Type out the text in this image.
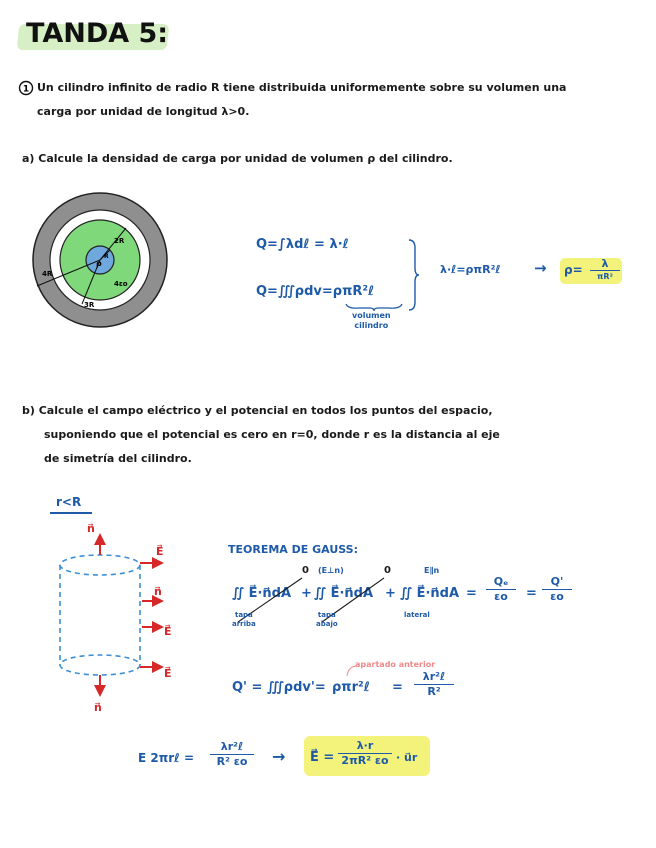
TANDA 5:
1 Un cilindro infinito de radio R tiene distribuida uniformemente sobre su volumen una
carga por unidad de longitud λ>0.
a) Calcule la densidad de carga por unidad de volumen ρ del cilindro.
4R
3R
2R
R
ρ
4εo
Q=∫λdℓ = λ·ℓ
Q=∭ρdv=ρπR²ℓ
volumen
cilindro
λ·ℓ=ρπR²ℓ → ρ=	λ
πR²
b) Calcule el campo eléctrico y el potencial en todos los puntos del espacio,
suponiendo que el potencial es cero en r=0, donde r es la distancia al eje
de simetría del cilindro.
r<R
n⃗
E⃗
n⃗
E⃗
E⃗
n⃗
TEOREMA DE GAUSS:
∬ E⃗·n⃗dA + ∬ E⃗·n⃗dA + ∬ E⃗·n⃗dA =
0 (E⊥n)	0	E∥n
tapa
arriba
tapa
abajo
lateral
$\frac{\text{Qₑ}}{\varepsilon o} = \frac{Q'}{\varepsilon o}$
apartado anterior
Q' = ∭ρdv'= ρπr²ℓ =
λr²ℓ
R²
E 2πrℓ =
λr²ℓ
R² εo	→ E⃗ = $\frac{\lambda\cdot r}{\text{2πR² εo}}$ · u⃗r
